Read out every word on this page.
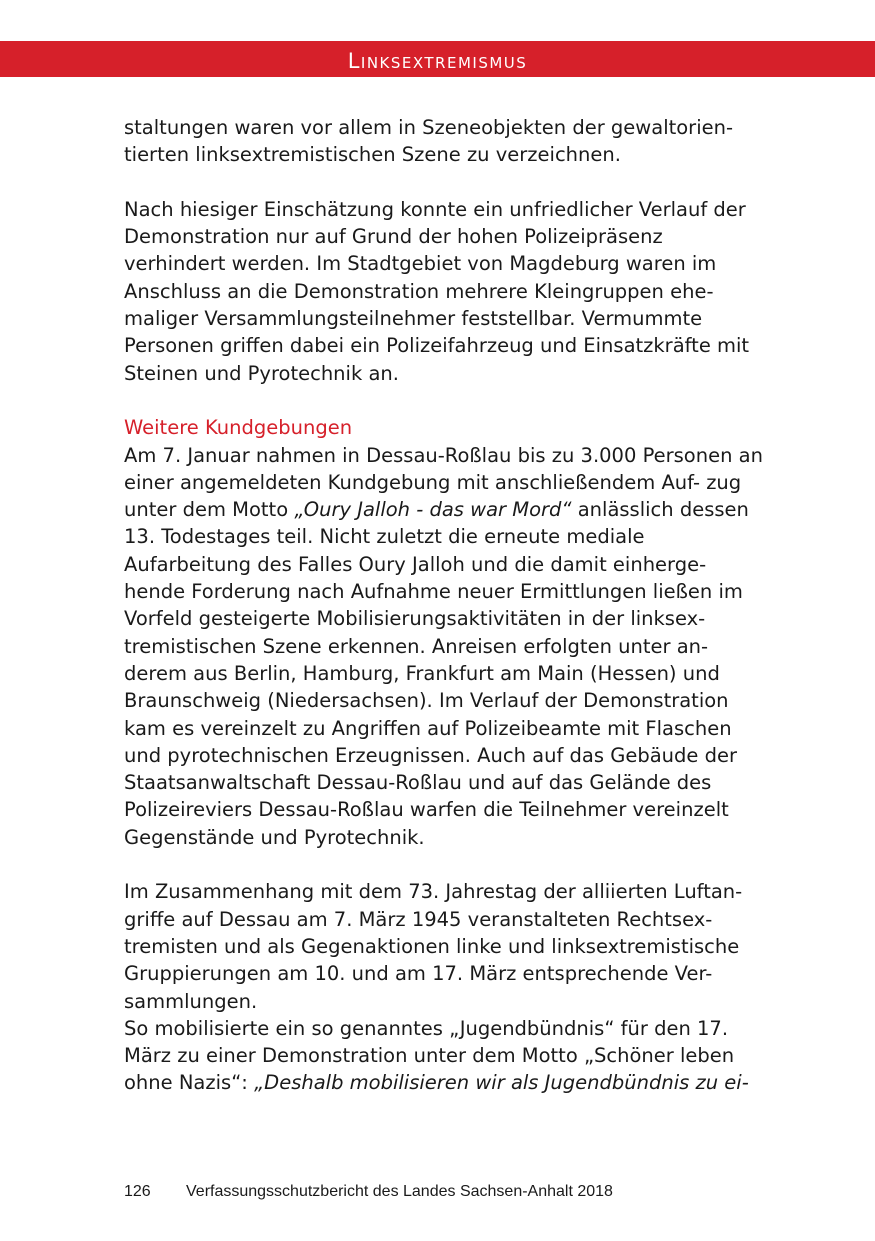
Linksextremismus

staltungen waren vor allem in Szeneobjekten der gewaltorien- tierten linksextremistischen Szene zu verzeichnen.

Nach hiesiger Einschätzung konnte ein unfriedlicher Verlauf der Demonstration nur auf Grund der hohen Polizeipräsenz verhindert werden. Im Stadtgebiet von Magdeburg waren im Anschluss an die Demonstration mehrere Kleingruppen ehe- maliger Versammlungsteilnehmer feststellbar. Vermummte Personen griffen dabei ein Polizeifahrzeug und Einsatzkräfte mit Steinen und Pyrotechnik an.

Weitere Kundgebungen

Am 7. Januar nahmen in Dessau-Roßlau bis zu 3.000 Personen an einer angemeldeten Kundgebung mit anschließendem Auf- zug unter dem Motto „Oury Jalloh - das war Mord“ anlässlich dessen 13. Todestages teil. Nicht zuletzt die erneute mediale Aufarbeitung des Falles Oury Jalloh und die damit einherge- hende Forderung nach Aufnahme neuer Ermittlungen ließen im Vorfeld gesteigerte Mobilisierungsaktivitäten in der linksex- tremistischen Szene erkennen. Anreisen erfolgten unter an- derem aus Berlin, Hamburg, Frankfurt am Main (Hessen) und Braunschweig (Niedersachsen). Im Verlauf der Demonstration kam es vereinzelt zu Angriffen auf Polizeibeamte mit Flaschen und pyrotechnischen Erzeugnissen. Auch auf das Gebäude der Staatsanwaltschaft Dessau-Roßlau und auf das Gelände des Polizeireviers Dessau-Roßlau warfen die Teilnehmer vereinzelt Gegenstände und Pyrotechnik.

Im Zusammenhang mit dem 73. Jahrestag der alliierten Luftan- griffe auf Dessau am 7. März 1945 veranstalteten Rechtsex- tremisten und als Gegenaktionen linke und linksextremistische Gruppierungen am 10. und am 17. März entsprechende Ver- sammlungen.

So mobilisierte ein so genanntes „Jugendbündnis“ für den 17. März zu einer Demonstration unter dem Motto „Schöner leben ohne Nazis“: „Deshalb mobilisieren wir als Jugendbündnis zu ei-

126 Verfassungsschutzbericht des Landes Sachsen-Anhalt 2018
